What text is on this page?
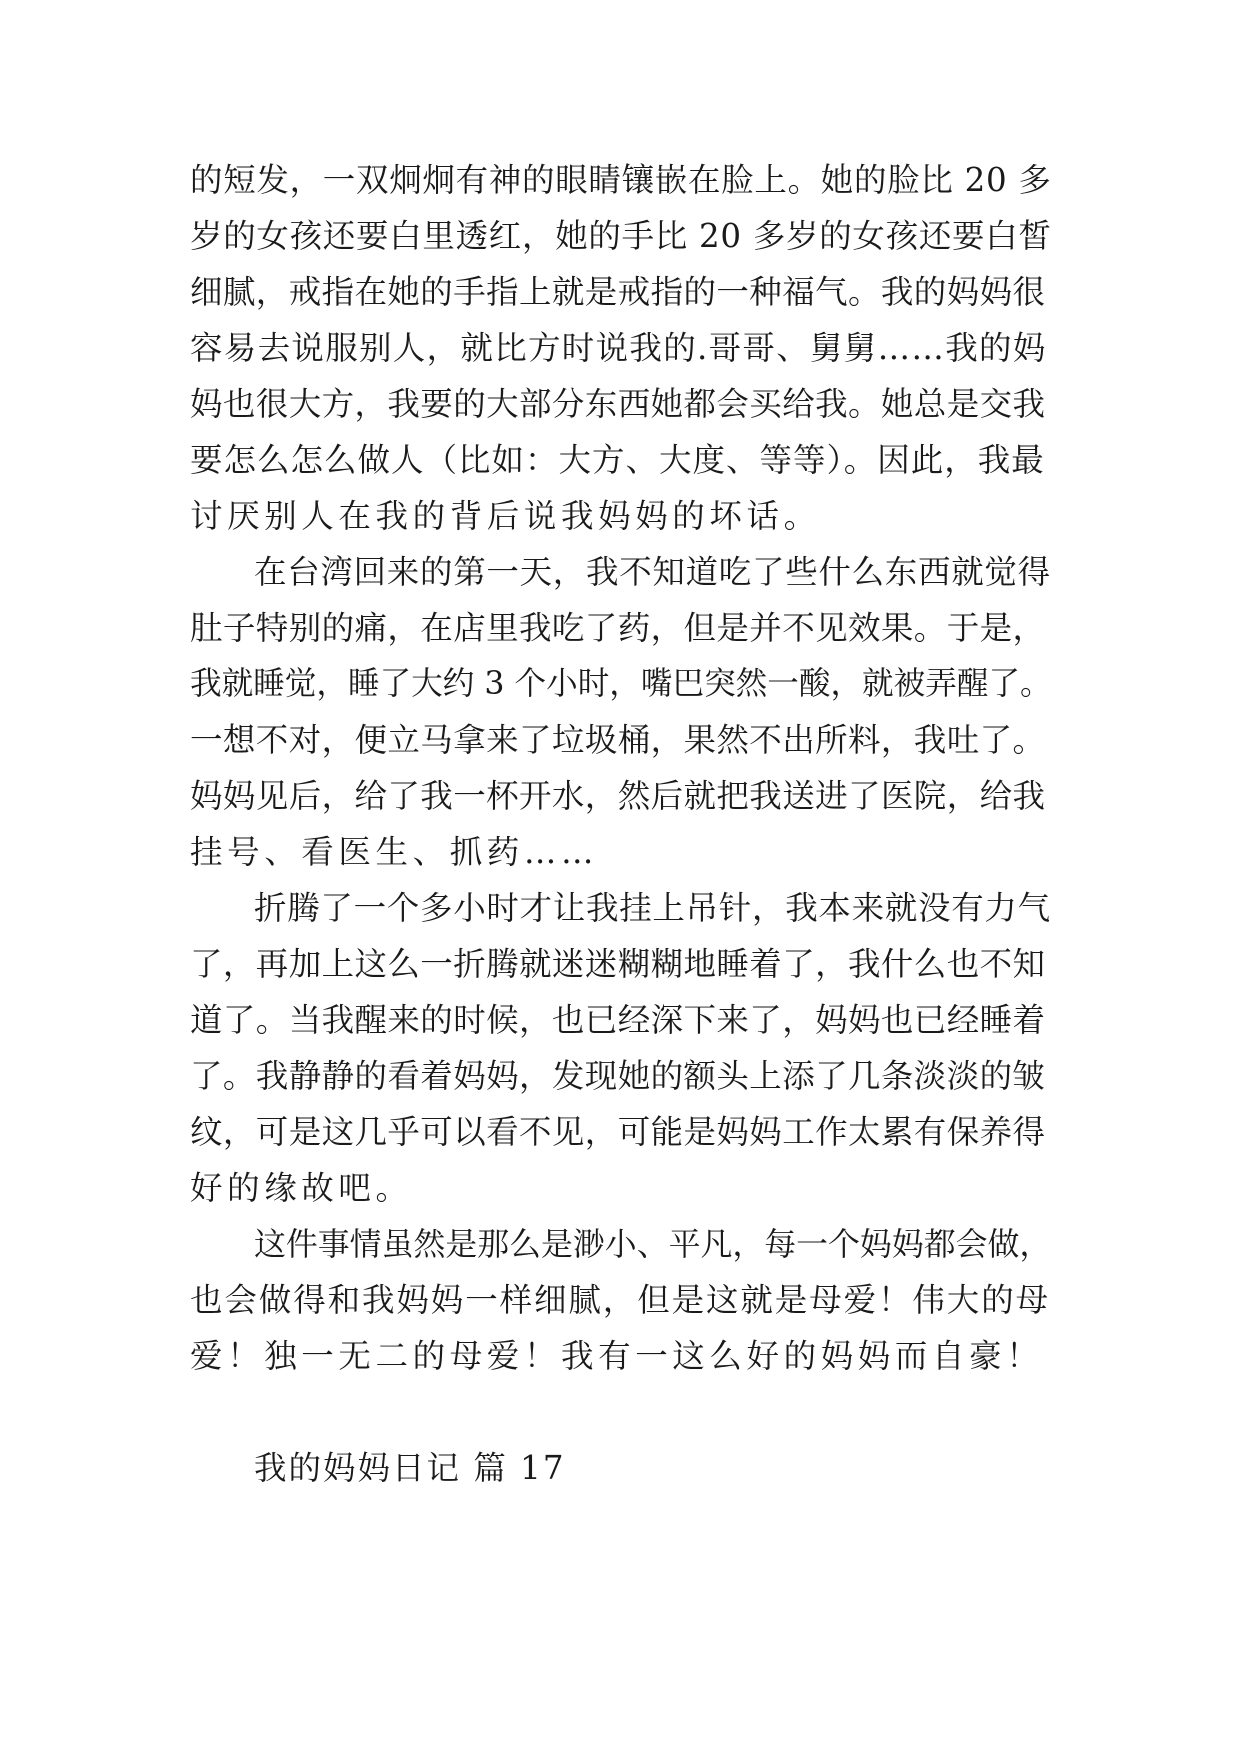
的短发，一双炯炯有神的眼睛镶嵌在脸上。她的脸比 20 多
岁的女孩还要白里透红，她的手比 20 多岁的女孩还要白皙
细腻，戒指在她的手指上就是戒指的一种福气。我的妈妈很
容易去说服别人，就比方时说我的.哥哥、舅舅……我的妈
妈也很大方，我要的大部分东西她都会买给我。她总是交我
要怎么怎么做人（比如：大方、大度、等等）。因此，我最
讨厌别人在我的背后说我妈妈的坏话。
在台湾回来的第一天，我不知道吃了些什么东西就觉得
肚子特别的痛，在店里我吃了药，但是并不见效果。于是，
我就睡觉，睡了大约 3 个小时，嘴巴突然一酸，就被弄醒了。
一想不对，便立马拿来了垃圾桶，果然不出所料，我吐了。
妈妈见后，给了我一杯开水，然后就把我送进了医院，给我
挂号、看医生、抓药……
折腾了一个多小时才让我挂上吊针，我本来就没有力气
了，再加上这么一折腾就迷迷糊糊地睡着了，我什么也不知
道了。当我醒来的时候，也已经深下来了，妈妈也已经睡着
了。我静静的看着妈妈，发现她的额头上添了几条淡淡的皱
纹，可是这几乎可以看不见，可能是妈妈工作太累有保养得
好的缘故吧。
这件事情虽然是那么是渺小、平凡，每一个妈妈都会做，
也会做得和我妈妈一样细腻，但是这就是母爱！伟大的母
爱！独一无二的母爱！我有一这么好的妈妈而自豪！
我的妈妈日记 篇 17
